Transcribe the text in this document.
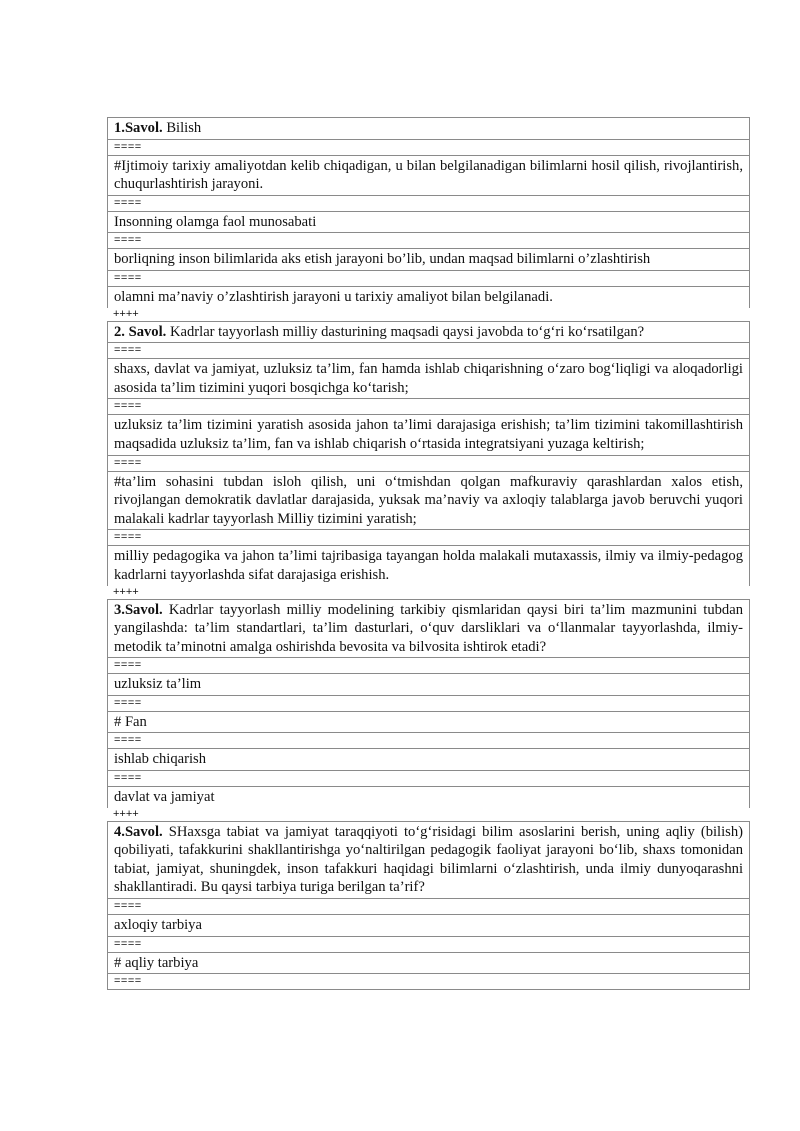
1.Savol. Bilish
====
#Ijtimoiy tarixiy amaliyotdan kelib chiqadigan, u bilan belgilanadigan bilimlarni hosil qilish, rivojlantirish, chuqurlashtirish jarayoni.
====
Insonning olamga faol munosabati
====
borliqning inson bilimlarida aks etish jarayoni bo’lib, undan maqsad bilimlarni o’zlashtirish
====
olamni ma’naviy o’zlashtirish jarayoni u tarixiy amaliyot bilan belgilanadi.
++++
2. Savol. Kadrlar tayyorlash milliy dasturining maqsadi qaysi javobda to‘g‘ri ko‘rsatilgan?
====
shaxs, davlat va jamiyat, uzluksiz ta’lim, fan hamda ishlab chiqarishning o‘zaro bog‘liqligi va aloqadorligi asosida ta’lim tizimini yuqori bosqichga ko‘tarish;
====
uzluksiz ta’lim tizimini yaratish asosida jahon ta’limi darajasiga erishish; ta’lim tizimini takomillashtirish maqsadida uzluksiz ta’lim, fan va ishlab chiqarish o‘rtasida integratsiyani yuzaga keltirish;
====
#ta’lim sohasini tubdan isloh qilish, uni o‘tmishdan qolgan mafkuraviy qarashlardan xalos etish, rivojlangan demokratik davlatlar darajasida, yuksak ma’naviy va axloqiy talablarga javob beruvchi yuqori malakali kadrlar tayyorlash Milliy tizimini yaratish;
====
milliy pedagogika va jahon ta’limi tajribasiga tayangan holda malakali mutaxassis, ilmiy va ilmiy-pedagog kadrlarni tayyorlashda sifat darajasiga erishish.
++++
3.Savol. Kadrlar tayyorlash milliy modelining tarkibiy qismlaridan qaysi biri ta’lim mazmunini tubdan yangilashda: ta’lim standartlari, ta’lim dasturlari, o‘quv darsliklari va o‘llanmalar tayyorlashda, ilmiy-metodik ta’minotni amalga oshirishda bevosita va bilvosita ishtirok etadi?
====
uzluksiz ta’lim
====
# Fan
====
ishlab chiqarish
====
davlat va jamiyat
++++
4.Savol. SHaxsga tabiat va jamiyat taraqqiyoti to‘g‘risidagi bilim asoslarini berish, uning aqliy (bilish) qobiliyati, tafakkurini shakllantirishga yo‘naltirilgan pedagogik faoliyat jarayoni bo‘lib, shaxs tomonidan tabiat, jamiyat, shuningdek, inson tafakkuri haqidagi bilimlarni o‘zlashtirish, unda ilmiy dunyoqarashni shakllantiradi. Bu qaysi tarbiya turiga berilgan ta’rif?
====
axloqiy tarbiya
====
# aqliy tarbiya
====
